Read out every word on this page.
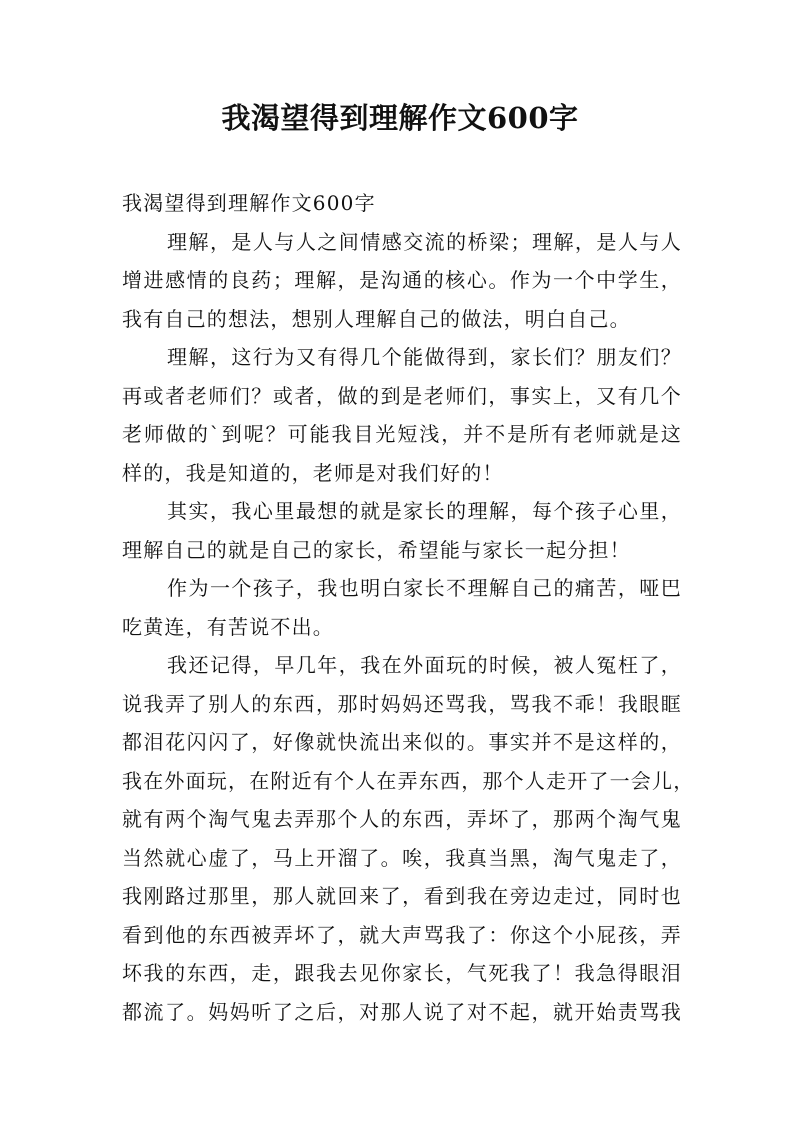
我渴望得到理解作文600字

我渴望得到理解作文600字

理解，是人与人之间情感交流的桥梁；理解，是人与人
增进感情的良药；理解，是沟通的核心。作为一个中学生，
我有自己的想法，想别人理解自己的做法，明白自己。

理解，这行为又有得几个能做得到，家长们？朋友们？
再或者老师们？或者，做的到是老师们，事实上，又有几个
老师做的`到呢？可能我目光短浅，并不是所有老师就是这
样的，我是知道的，老师是对我们好的！

其实，我心里最想的就是家长的理解，每个孩子心里，
理解自己的就是自己的家长，希望能与家长一起分担！

作为一个孩子，我也明白家长不理解自己的痛苦，哑巴
吃黄连，有苦说不出。

我还记得，早几年，我在外面玩的时候，被人冤枉了，
说我弄了别人的东西，那时妈妈还骂我，骂我不乖！我眼眶
都泪花闪闪了，好像就快流出来似的。事实并不是这样的，
我在外面玩，在附近有个人在弄东西，那个人走开了一会儿，
就有两个淘气鬼去弄那个人的东西，弄坏了，那两个淘气鬼
当然就心虚了，马上开溜了。唉，我真当黑，淘气鬼走了，
我刚路过那里，那人就回来了，看到我在旁边走过，同时也
看到他的东西被弄坏了，就大声骂我了：你这个小屁孩，弄
坏我的东西，走，跟我去见你家长，气死我了！我急得眼泪
都流了。妈妈听了之后，对那人说了对不起，就开始责骂我
